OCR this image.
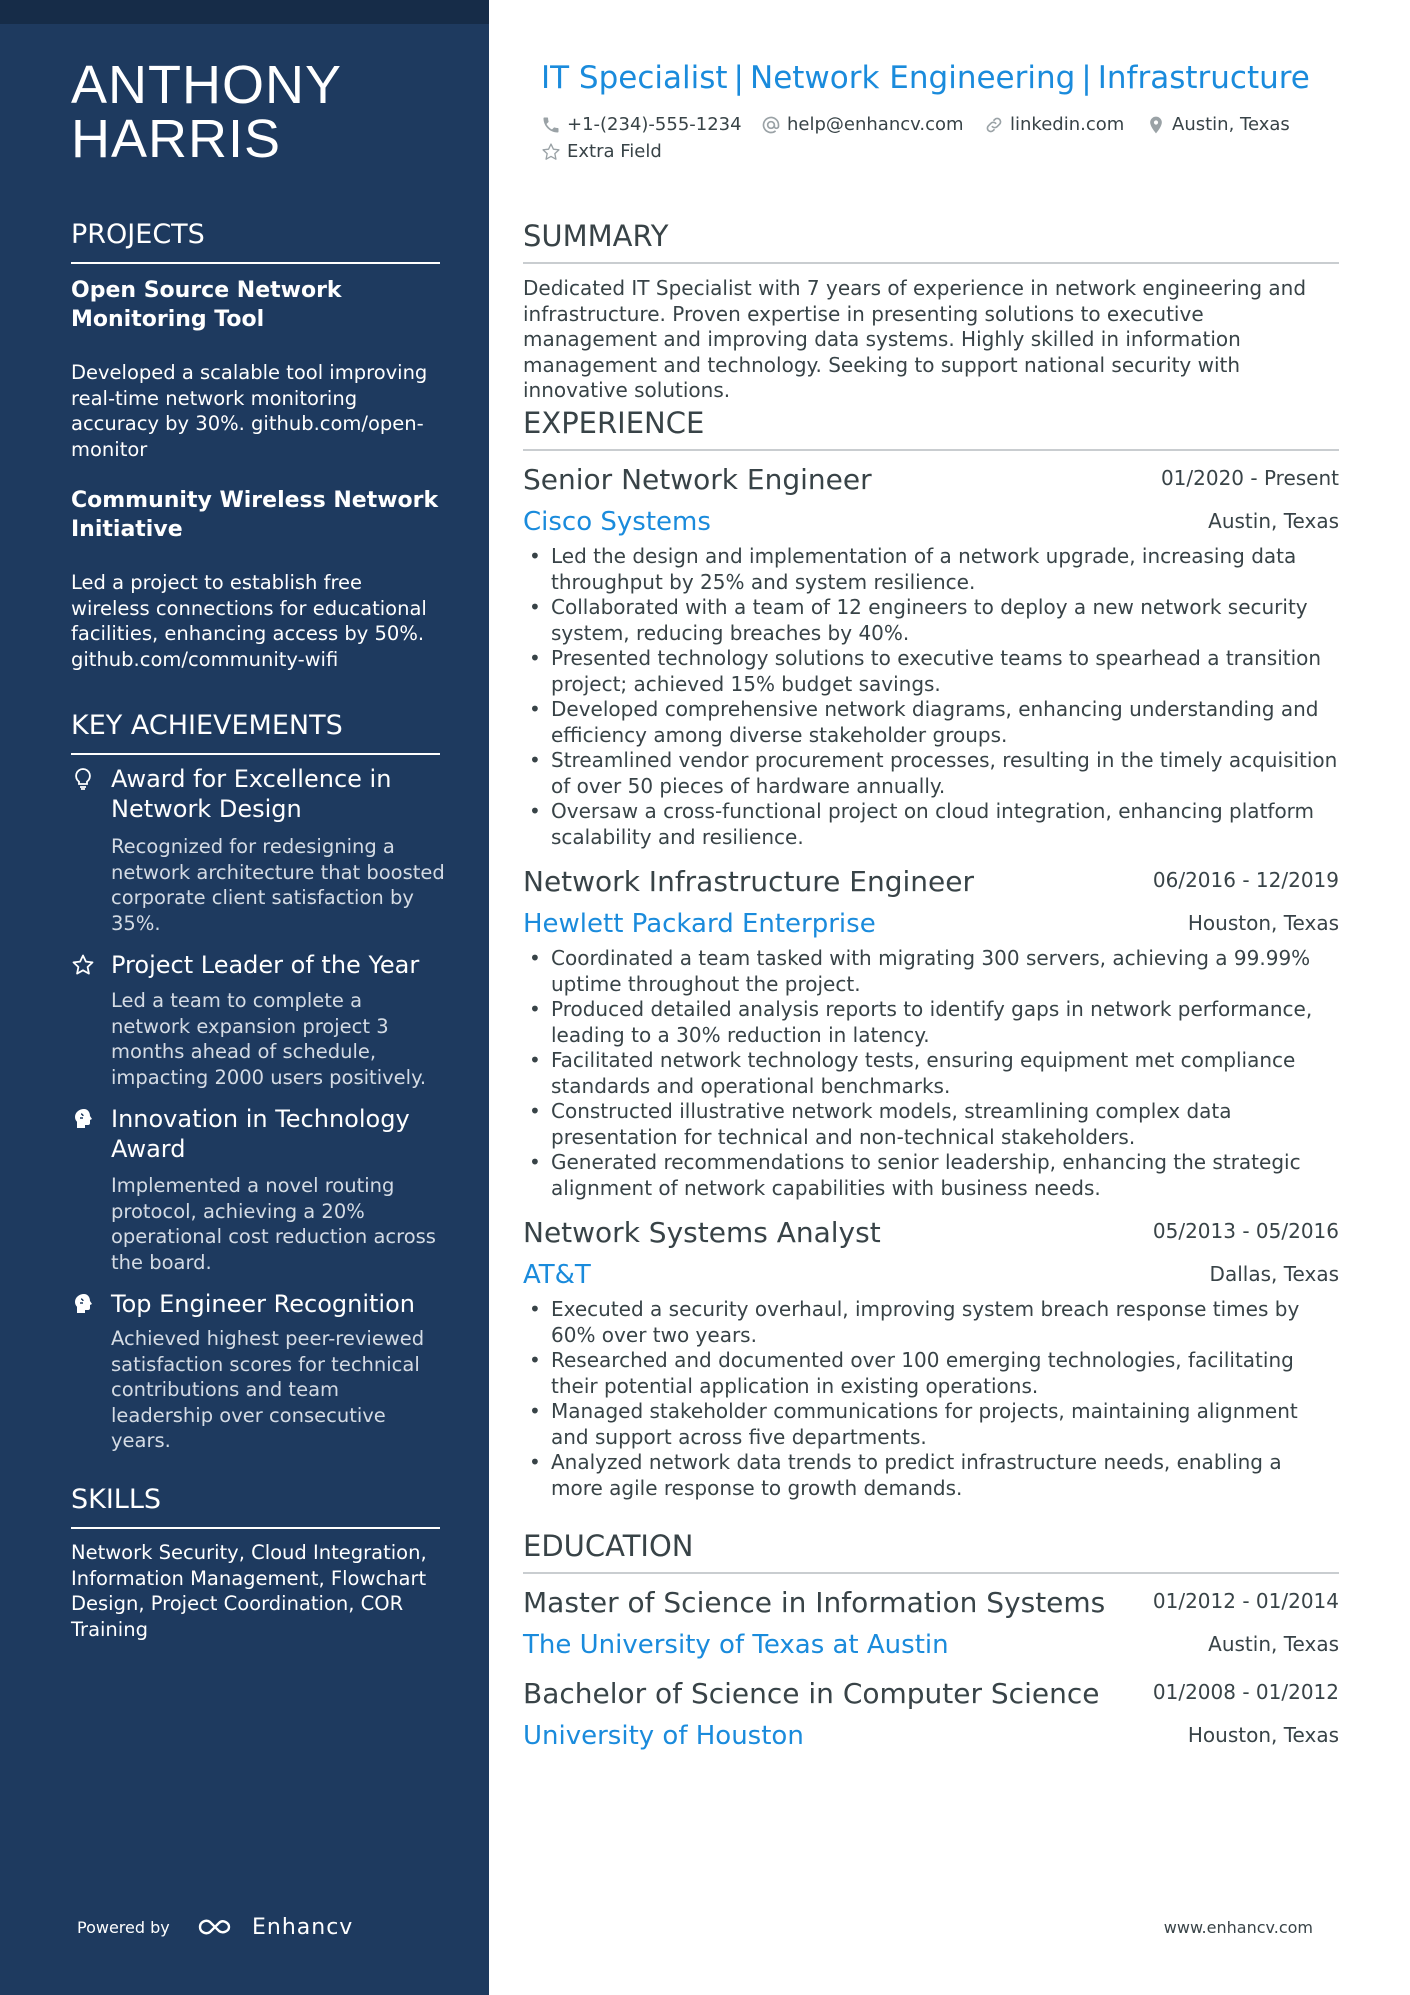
ANTHONY
HARRIS
PROJECTS
Open Source Network Monitoring Tool
Developed a scalable tool improving real-time network monitoring accuracy by 30%. github.com/open-monitor
Community Wireless Network Initiative
Led a project to establish free wireless connections for educational facilities, enhancing access by 50%. github.com/community-wifi
KEY ACHIEVEMENTS
Award for Excellence in Network Design
Recognized for redesigning a network architecture that boosted corporate client satisfaction by 35%.
Project Leader of the Year
Led a team to complete a network expansion project 3 months ahead of schedule, impacting 2000 users positively.
Innovation in Technology Award
Implemented a novel routing protocol, achieving a 20% operational cost reduction across the board.
Top Engineer Recognition
Achieved highest peer-reviewed satisfaction scores for technical contributions and team leadership over consecutive years.
SKILLS
Network Security, Cloud Integration, Information Management, Flowchart Design, Project Coordination, COR Training
Powered by	Enhancv
IT Specialist | Network Engineering | Infrastructure
+1-(234)-555-1234	help@enhancv.com	linkedin.com	Austin, Texas
Extra Field
SUMMARY
Dedicated IT Specialist with 7 years of experience in network engineering and infrastructure. Proven expertise in presenting solutions to executive management and improving data systems. Highly skilled in information management and technology. Seeking to support national security with innovative solutions.
EXPERIENCE
Senior Network Engineer	01/2020 - Present
Cisco Systems	Austin, Texas
• Led the design and implementation of a network upgrade, increasing data throughput by 25% and system resilience.
• Collaborated with a team of 12 engineers to deploy a new network security system, reducing breaches by 40%.
• Presented technology solutions to executive teams to spearhead a transition project; achieved 15% budget savings.
• Developed comprehensive network diagrams, enhancing understanding and efficiency among diverse stakeholder groups.
• Streamlined vendor procurement processes, resulting in the timely acquisition of over 50 pieces of hardware annually.
• Oversaw a cross-functional project on cloud integration, enhancing platform scalability and resilience.
Network Infrastructure Engineer	06/2016 - 12/2019
Hewlett Packard Enterprise	Houston, Texas
• Coordinated a team tasked with migrating 300 servers, achieving a 99.99% uptime throughout the project.
• Produced detailed analysis reports to identify gaps in network performance, leading to a 30% reduction in latency.
• Facilitated network technology tests, ensuring equipment met compliance standards and operational benchmarks.
• Constructed illustrative network models, streamlining complex data presentation for technical and non-technical stakeholders.
• Generated recommendations to senior leadership, enhancing the strategic alignment of network capabilities with business needs.
Network Systems Analyst	05/2013 - 05/2016
AT&T	Dallas, Texas
• Executed a security overhaul, improving system breach response times by 60% over two years.
• Researched and documented over 100 emerging technologies, facilitating their potential application in existing operations.
• Managed stakeholder communications for projects, maintaining alignment and support across five departments.
• Analyzed network data trends to predict infrastructure needs, enabling a more agile response to growth demands.
EDUCATION
Master of Science in Information Systems 01/2012 - 01/2014
The University of Texas at Austin	Austin, Texas
Bachelor of Science in Computer Science	01/2008 - 01/2012
University of Houston	Houston, Texas
www.enhancv.com
